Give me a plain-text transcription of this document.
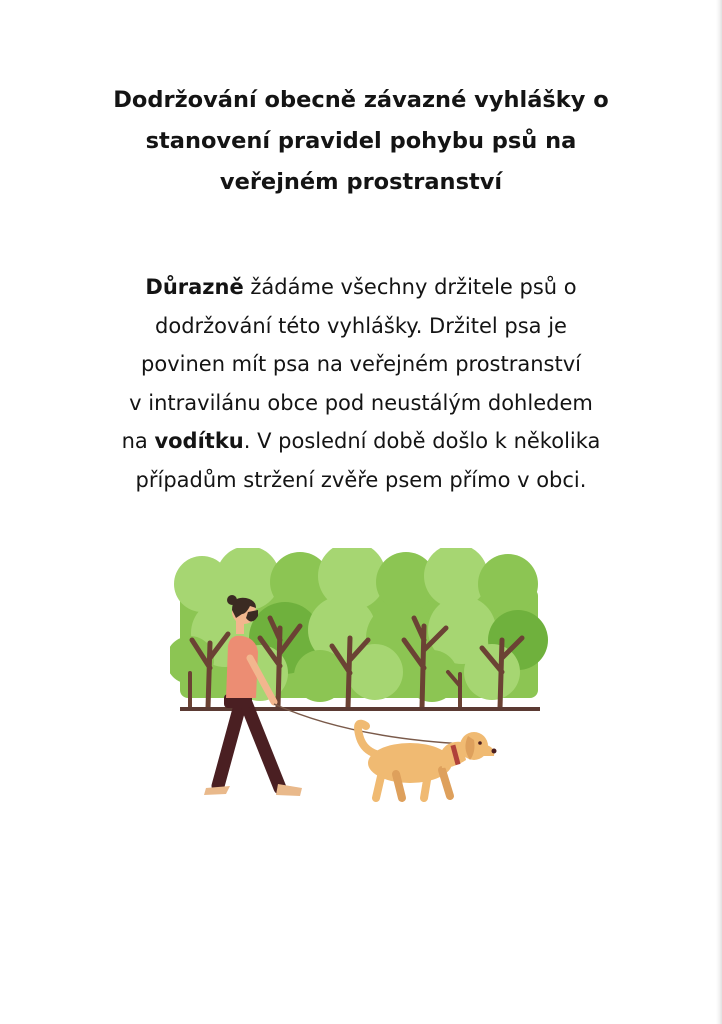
Dodržování obecně závazné vyhlášky o
stanovení pravidel pohybu psů na
veřejném prostranství
Důrazně žádáme všechny držitele psů o
dodržování této vyhlášky. Držitel psa je
povinen mít psa na veřejném prostranství
v intravilánu obce pod neustálým dohledem
na vodítku. V poslední době došlo k několika
případům stržení zvěře psem přímo v obci.
